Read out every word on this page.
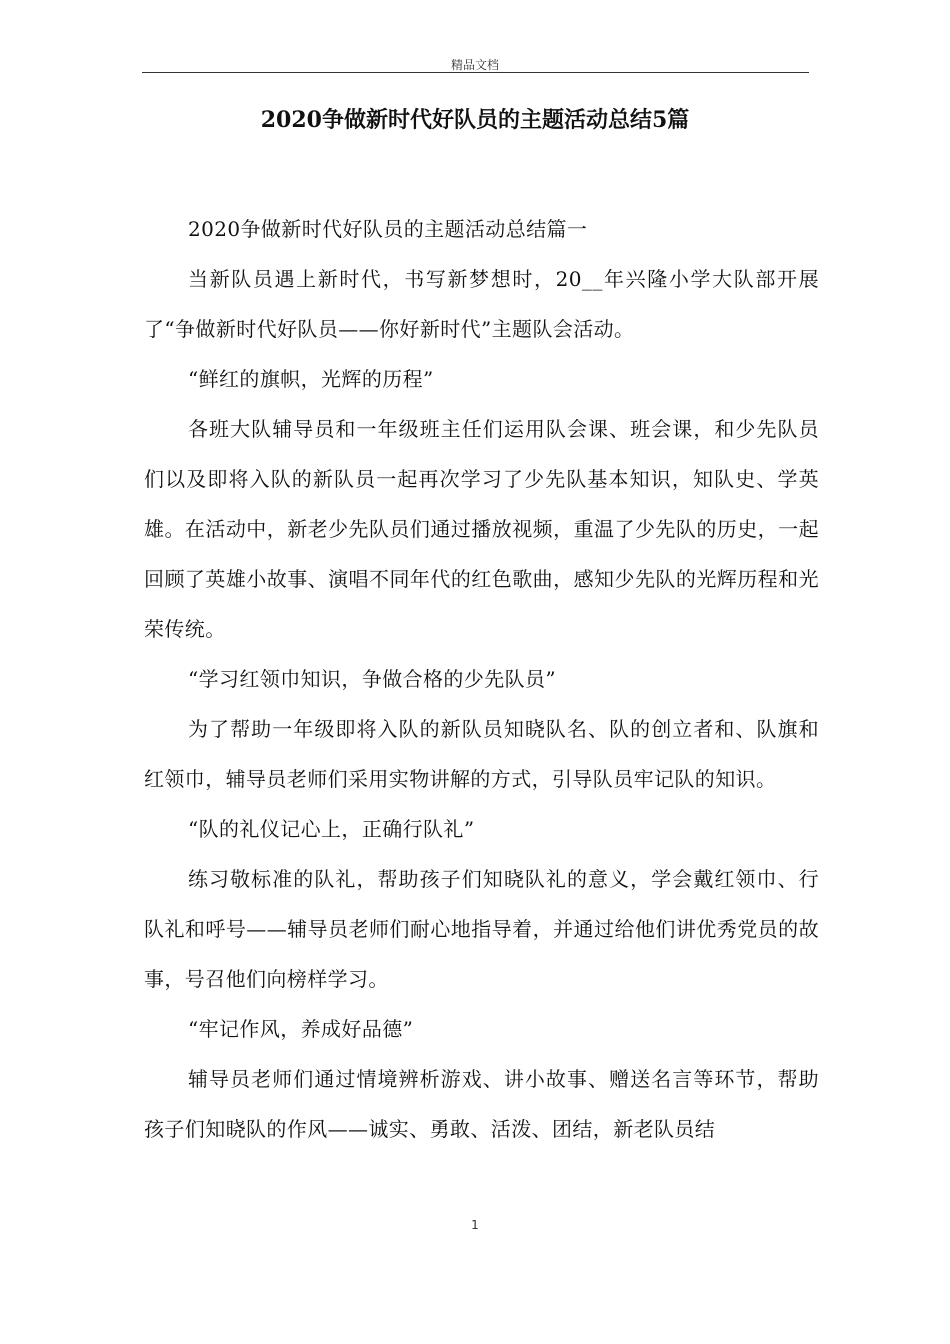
精品文档
2020争做新时代好队员的主题活动总结5篇

2020争做新时代好队员的主题活动总结篇一

当新队员遇上新时代，书写新梦想时，20__年兴隆小学大队部开展了“争做新时代好队员——你好新时代”主题队会活动。

“鲜红的旗帜，光辉的历程”

各班大队辅导员和一年级班主任们运用队会课、班会课，和少先队员们以及即将入队的新队员一起再次学习了少先队基本知识，知队史、学英雄。在活动中，新老少先队员们通过播放视频，重温了少先队的历史，一起回顾了英雄小故事、演唱不同年代的红色歌曲，感知少先队的光辉历程和光荣传统。

“学习红领巾知识，争做合格的少先队员”

为了帮助一年级即将入队的新队员知晓队名、队的创立者和、队旗和红领巾，辅导员老师们采用实物讲解的方式，引导队员牢记队的知识。

“队的礼仪记心上，正确行队礼”

练习敬标准的队礼，帮助孩子们知晓队礼的意义，学会戴红领巾、行队礼和呼号——辅导员老师们耐心地指导着，并通过给他们讲优秀党员的故事，号召他们向榜样学习。

“牢记作风，养成好品德”

辅导员老师们通过情境辨析游戏、讲小故事、赠送名言等环节，帮助孩子们知晓队的作风——诚实、勇敢、活泼、团结，新老队员结

1
